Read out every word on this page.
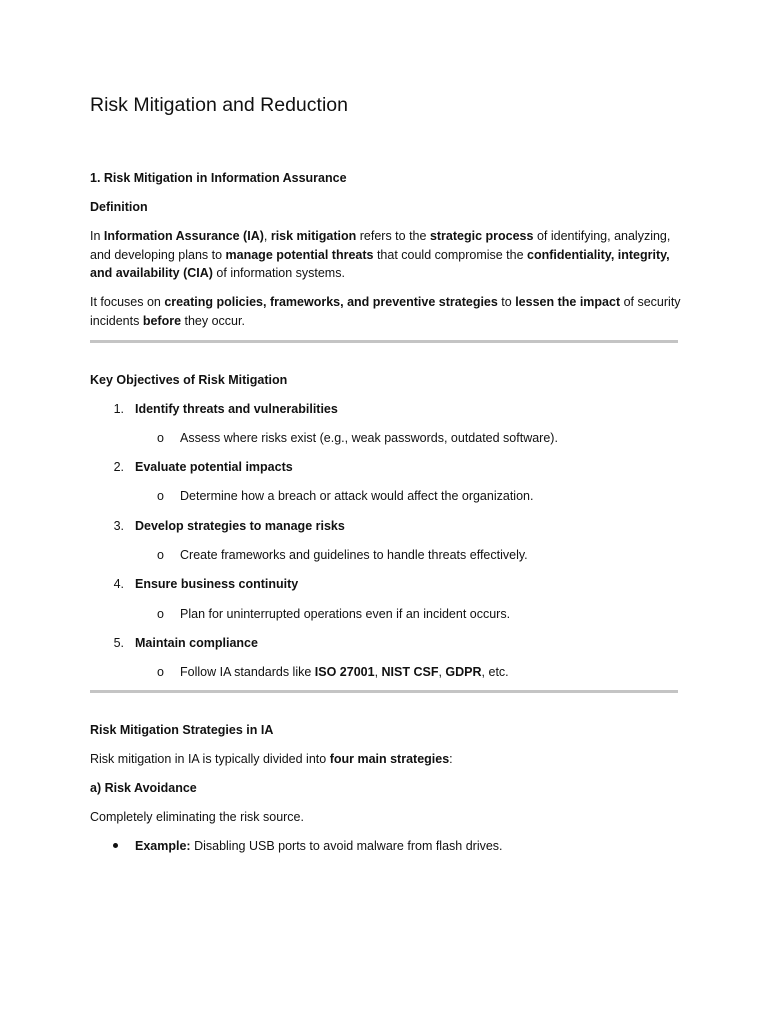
Risk Mitigation and Reduction

1. Risk Mitigation in Information Assurance

Definition

In Information Assurance (IA), risk mitigation refers to the strategic process of identifying, analyzing,

and developing plans to manage potential threats that could compromise the confidentiality, integrity,

and availability (CIA) of information systems.

It focuses on creating policies, frameworks, and preventive strategies to lessen the impact of security

incidents before they occur.

Key Objectives of Risk Mitigation

1. Identify threats and vulnerabilities

o Assess where risks exist (e.g., weak passwords, outdated software).

2. Evaluate potential impacts

o Determine how a breach or attack would affect the organization.

3. Develop strategies to manage risks

o Create frameworks and guidelines to handle threats effectively.

4. Ensure business continuity

o Plan for uninterrupted operations even if an incident occurs.

5. Maintain compliance

o Follow IA standards like ISO 27001, NIST CSF, GDPR, etc.

Risk Mitigation Strategies in IA

Risk mitigation in IA is typically divided into four main strategies:

a) Risk Avoidance

Completely eliminating the risk source.

Example: Disabling USB ports to avoid malware from flash drives.
